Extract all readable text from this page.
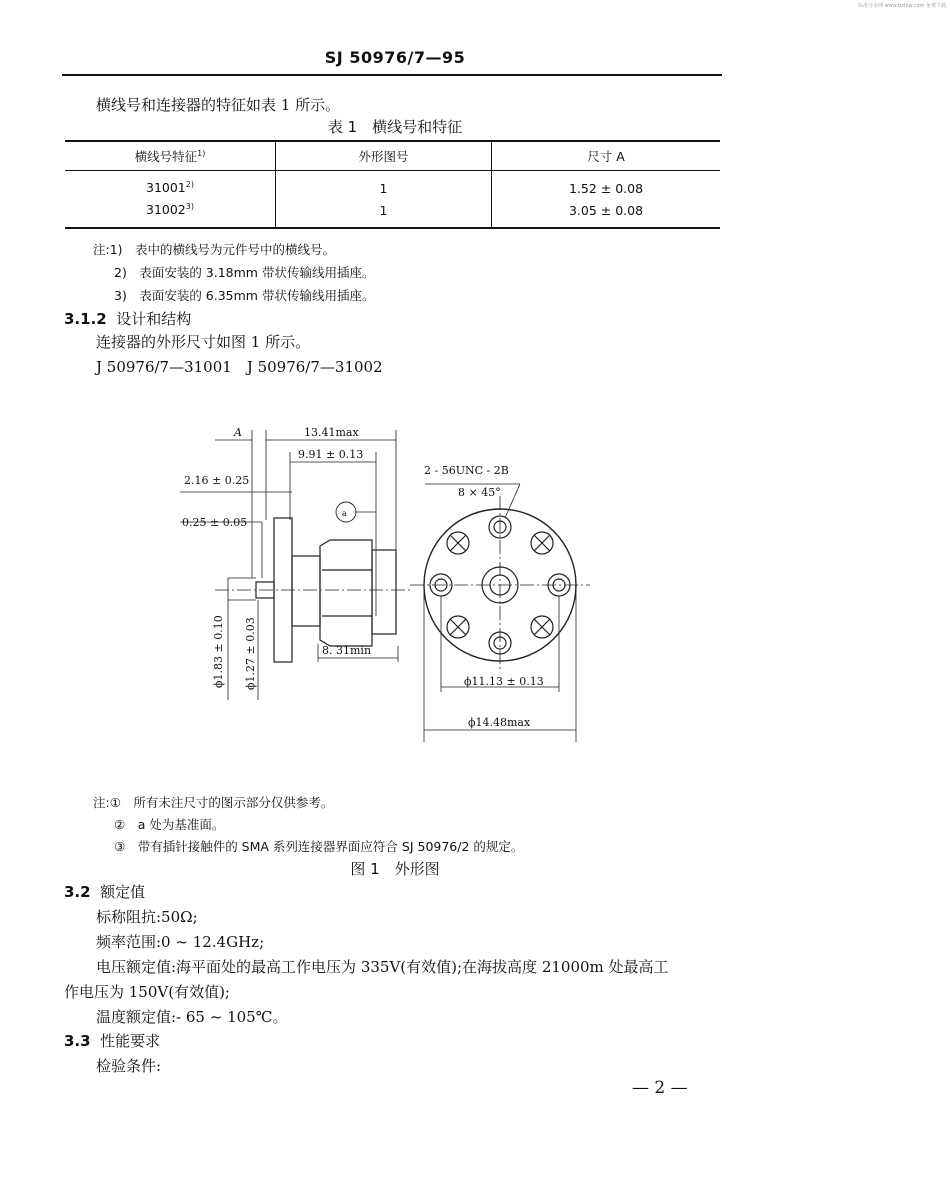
标准分享网 www.bzfxw.com 免费下载
SJ 50976/7—95
横线号和连接器的特征如表 1 所示。
表 1　横线号和特征
横线号特征$^{1)}$	外形图号	尺寸 A
31001$^{2)}$	1	1.52 ± 0.08
31002$^{3)}$	1	3.05 ± 0.08
注:1)　表中的横线号为元件号中的横线号。
2)　表面安装的 3.18mm 带状传输线用插座。
3)　表面安装的 6.35mm 带状传输线用插座。
3.1.2 设计和结构
连接器的外形尺寸如图 1 所示。
J 50976/7—31001　J 50976/7—31002
A	13.41max
9.91 ± 0.13
2.16 ± 0.25
0.25 ± 0.05
a
ϕ1.83 ± 0.10 ϕ1.27 ± 0.03	8. 31min
2 - 56UNC - 2B
8 × 45°
ϕ11.13 ± 0.13
ϕ14.48max
注:①　所有未注尺寸的图示部分仅供参考。
②　a 处为基准面。
③　带有插针接触件的 SMA 系列连接器界面应符合 SJ 50976/2 的规定。
图 1　外形图
3.2 额定值
标称阻抗:50Ω;
频率范围:0 ~ 12.4GHz;
电压额定值:海平面处的最高工作电压为 335V(有效值);在海拔高度 21000m 处最高工
作电压为 150V(有效值);
温度额定值:- 65 ~ 105℃。
3.3 性能要求
检验条件:
— 2 —
